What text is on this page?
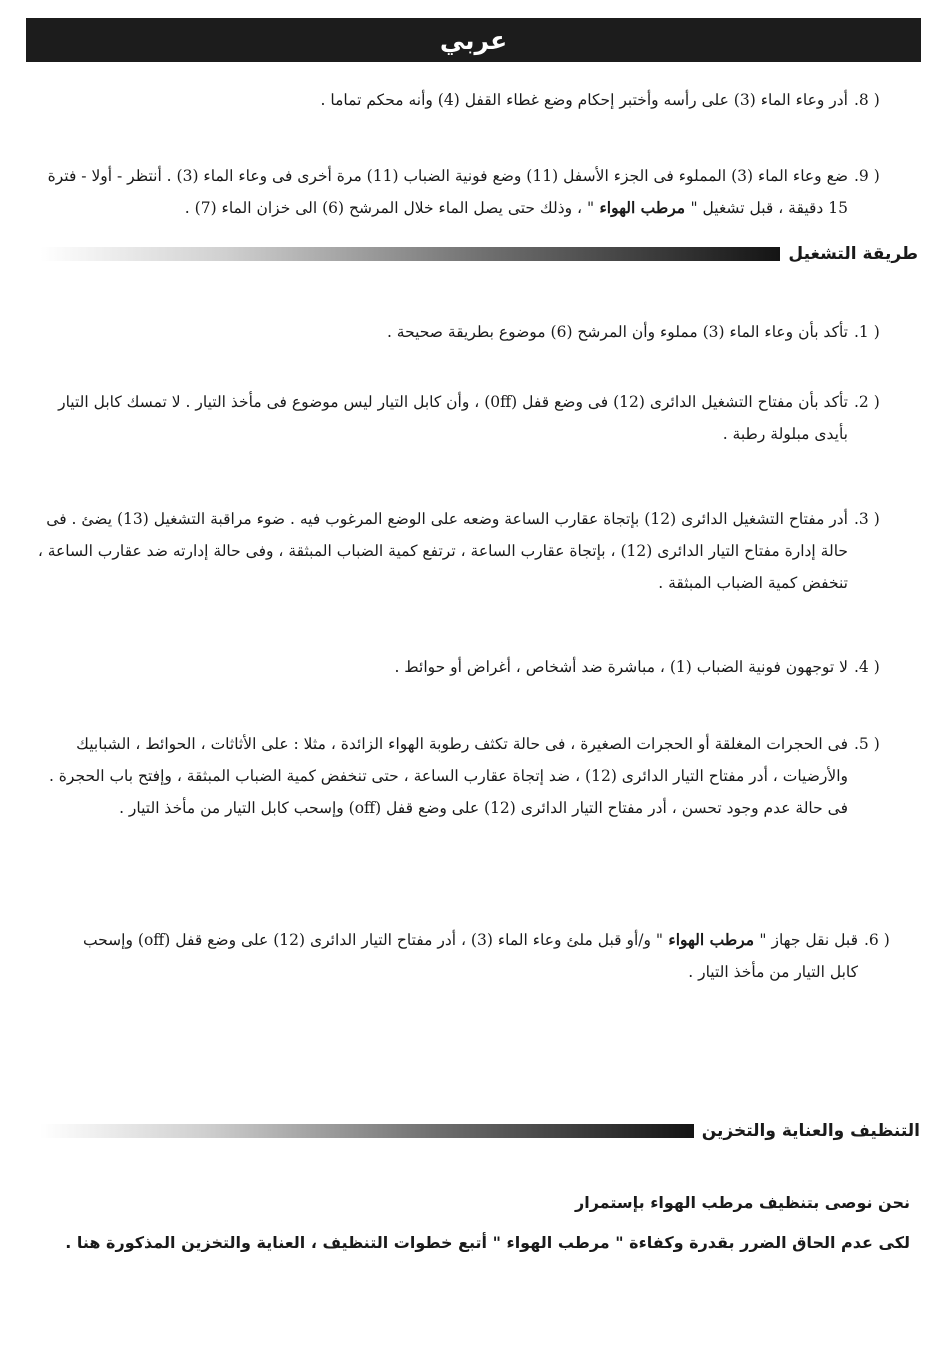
عربي
.8 )
أدر وعاء الماء (3) على رأسه وأختبر إحكام وضع غطاء القفل (4) وأنه محكم تماما .
.9 )
ضع وعاء الماء (3) المملوء فى الجزء الأسفل (11) وضع فونية الضباب (11) مرة أخرى فى وعاء الماء (3) . أنتظر - أولا - فترة 15 دقيقة ، قبل تشغيل " مرطب الهواء " ، وذلك حتى يصل الماء خلال المرشح (6) الى خزان الماء (7) .
طريقة التشغيل
.1 )
تأكد بأن وعاء الماء (3) مملوء وأن المرشح (6) موضوع بطريقة صحيحة .
.2 )
تأكد بأن مفتاح التشغيل الدائرى (12) فى وضع قفل (0ff) ، وأن كابل التيار ليس موضوع فى مأخذ التيار . لا تمسك كابل التيار بأيدى مبلولة رطبة .
.3 )
أدر مفتاح التشغيل الدائرى (12) بإتجاة عقارب الساعة وضعه على الوضع المرغوب فيه . ضوء مراقبة التشغيل (13) يضئ . فى حالة إدارة مفتاح التيار الدائرى (12) ، بإتجاة عقارب الساعة ، ترتفع كمية الضباب المبثقة ، وفى حالة إدارته ضد عقارب الساعة ، تنخفض كمية الضباب المبثقة .
.4 )
لا توجهون فونية الضباب (1) ، مباشرة ضد أشخاص ، أغراض أو حوائط .
.5 )
فى الحجرات المغلقة أو الحجرات الصغيرة ، فى حالة تكثف رطوبة الهواء الزائدة ، مثلا : على الأثاثات ، الحوائط ، الشبابيك والأرضيات ، أدر مفتاح التيار الدائرى (12) ، ضد إتجاة عقارب الساعة ، حتى تنخفض كمية الضباب المبثقة ، وإفتح باب الحجرة . فى حالة عدم وجود تحسن ، أدر مفتاح التيار الدائرى (12) على وضع قفل (off) وإسحب كابل التيار من مأخذ التيار .
.6 )
قبل نقل جهاز " مرطب الهواء " و/أو قبل ملئ وعاء الماء (3) ، أدر مفتاح التيار الدائرى (12) على وضع قفل (off) وإسحب كابل التيار من مأخذ التيار .
التنظيف والعناية والتخزين
نحن نوصى بتنظيف مرطب الهواء بإستمرار
لكى عدم الحاق الضرر بقدرة وكفاءة " مرطب الهواء " أتبع خطوات التنظيف ، العناية والتخزين المذكورة هنا .
